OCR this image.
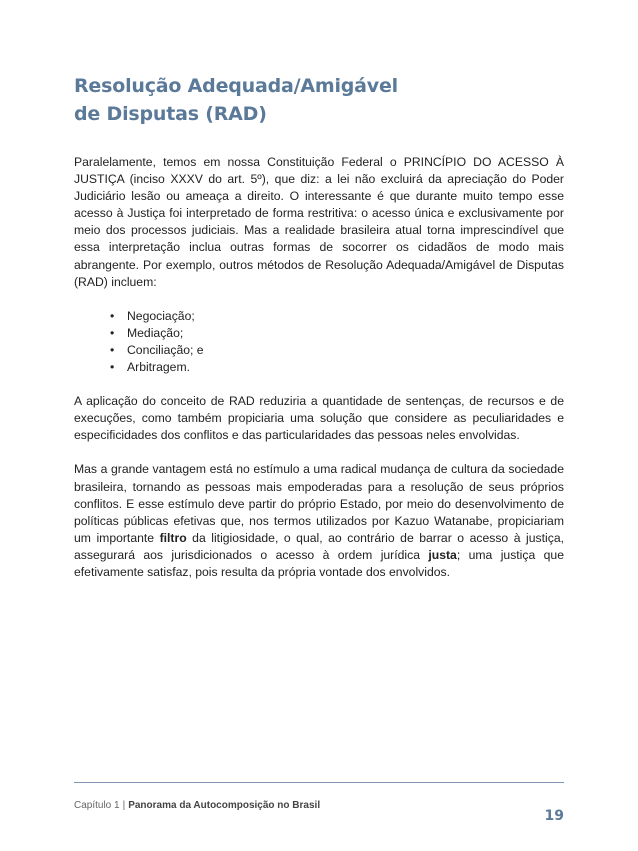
Resolução Adequada/Amigável
de Disputas (RAD)

Paralelamente, temos em nossa Constituição Federal o PRINCÍPIO DO ACESSO À JUSTIÇA (inciso XXXV do art. 5º), que diz: a lei não excluirá da apreciação do Poder Judiciário lesão ou ameaça a direito. O interessante é que durante muito tempo esse acesso à Justiça foi interpretado de forma restritiva: o acesso única e exclusivamente por meio dos processos judiciais. Mas a realidade brasileira atual torna imprescindível que essa interpretação inclua outras formas de socorrer os cidadãos de modo mais abrangente. Por exemplo, outros métodos de Resolução Adequada/Amigável de Disputas (RAD) incluem:

• Negociação;
• Mediação;
• Conciliação; e
• Arbitragem.

A aplicação do conceito de RAD reduziria a quantidade de sentenças, de recursos e de execuções, como também propiciaria uma solução que considere as peculiaridades e especificidades dos conflitos e das particularidades das pessoas neles envolvidas.

Mas a grande vantagem está no estímulo a uma radical mudança de cultura da sociedade brasileira, tornando as pessoas mais empoderadas para a resolução de seus próprios conflitos. E esse estímulo deve partir do próprio Estado, por meio do desenvolvimento de políticas públicas efetivas que, nos termos utilizados por Kazuo Watanabe, propiciariam um importante filtro da litigiosidade, o qual, ao contrário de barrar o acesso à justiça, assegurará aos jurisdicionados o acesso à ordem jurídica justa; uma justiça que efetivamente satisfaz, pois resulta da própria vontade dos envolvidos.

Capítulo 1 | Panorama da Autocomposição no Brasil
19
